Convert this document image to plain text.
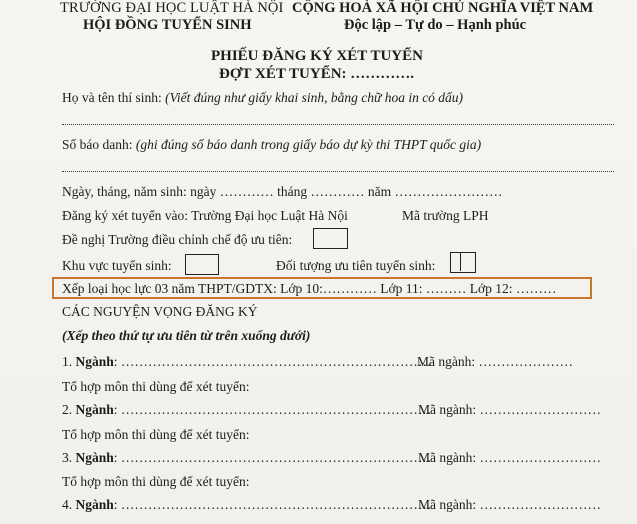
TRƯỜNG ĐẠI HỌC LUẬT HÀ NỘI
HỘI ĐỒNG TUYỂN SINH
CỘNG HOÀ XÃ HỘI CHỦ NGHĨA VIỆT NAM
Độc lập – Tự do – Hạnh phúc
PHIẾU ĐĂNG KÝ XÉT TUYỂN
ĐỢT XÉT TUYỂN: ………….
Họ và tên thí sinh: (Viết đúng như giấy khai sinh, bằng chữ hoa in có dấu)
Số báo danh: (ghi đúng số báo danh trong giấy báo dự kỳ thi THPT quốc gia)
Ngày, tháng, năm sinh: ngày ………… tháng ………… năm ……………………
Đăng ký xét tuyển vào: Trường Đại học Luật Hà Nội	Mã trường LPH
Đề nghị Trường điều chỉnh chế độ ưu tiên:
Khu vực tuyển sinh:	Đối tượng ưu tiên tuyển sinh:
Xếp loại học lực 03 năm THPT/GDTX: Lớp 10:………… Lớp 11: ……… Lớp 12: ………
CÁC NGUYỆN VỌNG ĐĂNG KÝ
(Xếp theo thứ tự ưu tiên từ trên xuống dưới)
1. Ngành: ……………………………………………………………
Mã ngành: …………………
Tổ hợp môn thi dùng để xét tuyển:
2. Ngành: ……………………………………………………………
Mã ngành: ………………………
Tổ hợp môn thi dùng để xét tuyển:
3. Ngành: ……………………………………………………………
Mã ngành: ………………………
Tổ hợp môn thi dùng để xét tuyển:
4. Ngành: ……………………………………………………………
Mã ngành: ………………………
